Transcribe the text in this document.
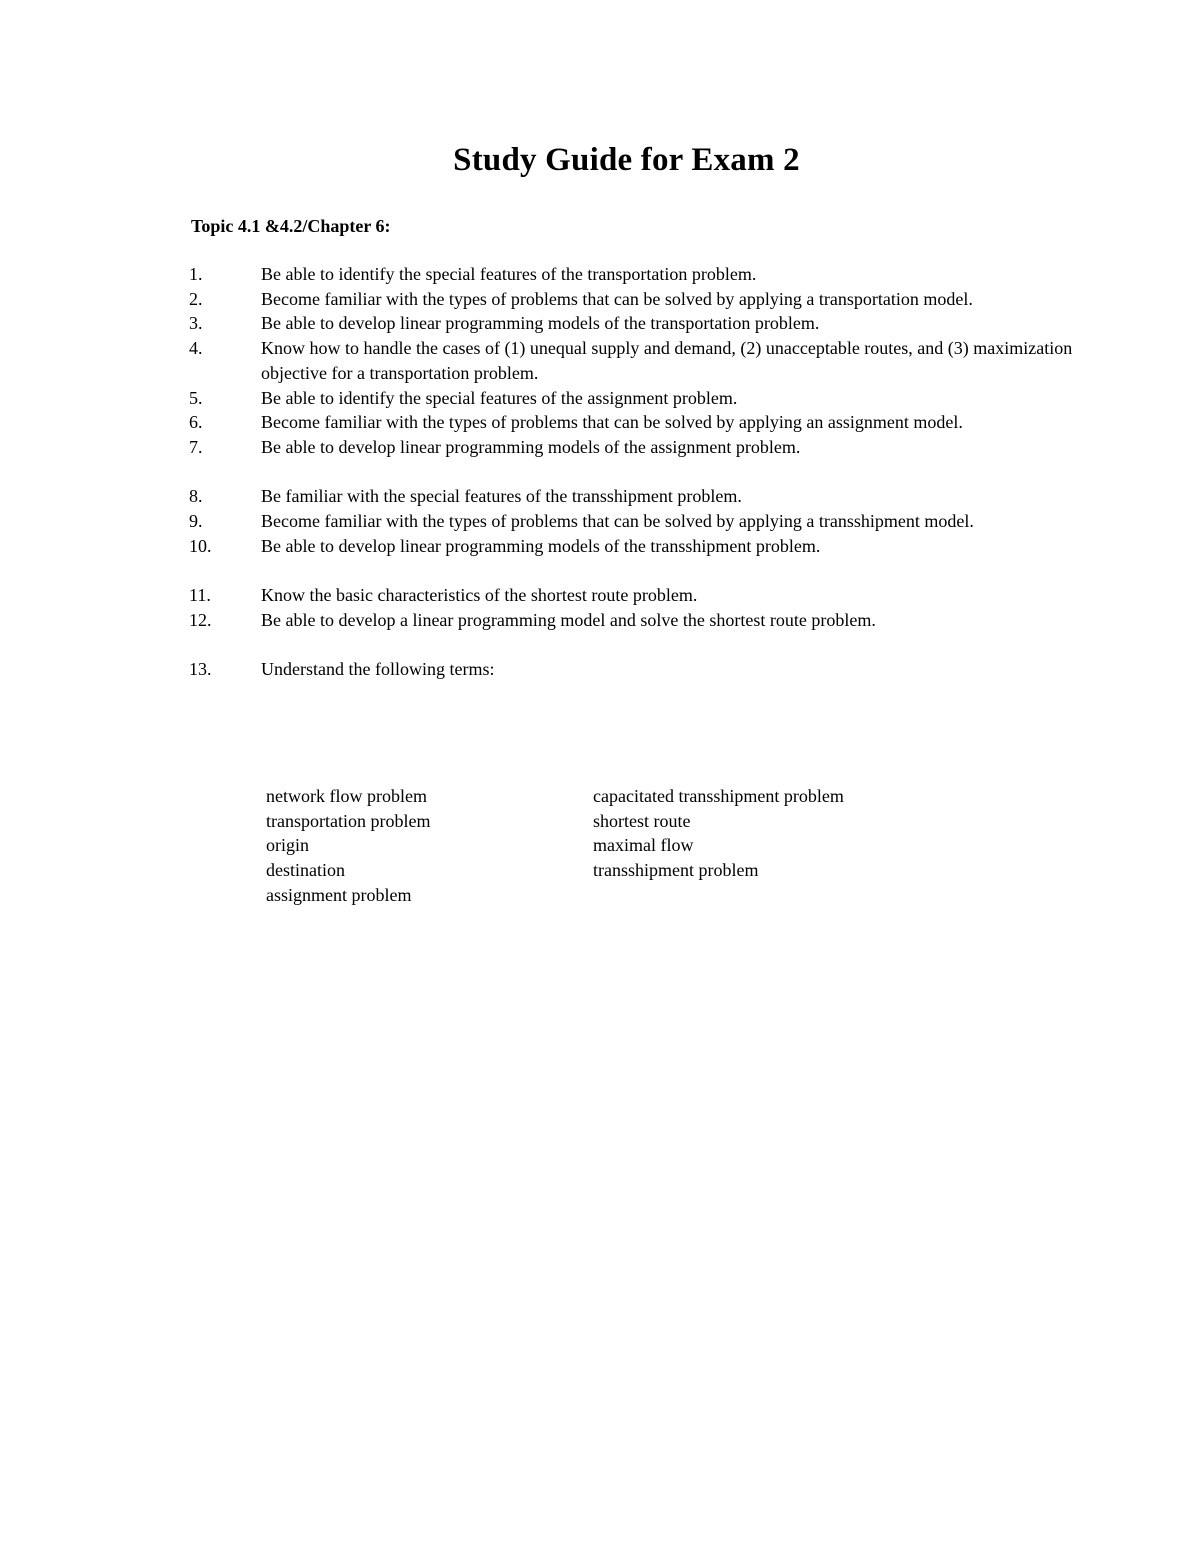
Study Guide for Exam 2
Topic 4.1 &4.2/Chapter 6:
1.	Be able to identify the special features of the transportation problem.
2.	Become familiar with the types of problems that can be solved by applying a transportation model.
3.	Be able to develop linear programming models of the transportation problem.
4.	Know how to handle the cases of (1) unequal supply and demand, (2) unacceptable routes, and (3) maximization objective for a transportation problem.
5.	Be able to identify the special features of the assignment problem.
6.	Become familiar with the types of problems that can be solved by applying an assignment model.
7.	Be able to develop linear programming models of the assignment problem.
8.	Be familiar with the special features of the transshipment problem.
9.	Become familiar with the types of problems that can be solved by applying a transshipment model.
10.	Be able to develop linear programming models of the transshipment problem.
11.	Know the basic characteristics of the shortest route problem.
12.	Be able to develop a linear programming model and solve the shortest route problem.
13.	Understand the following terms:
network flow problem	capacitated transshipment problem
transportation problem	shortest route
origin	maximal flow
destination	transshipment problem
assignment problem
